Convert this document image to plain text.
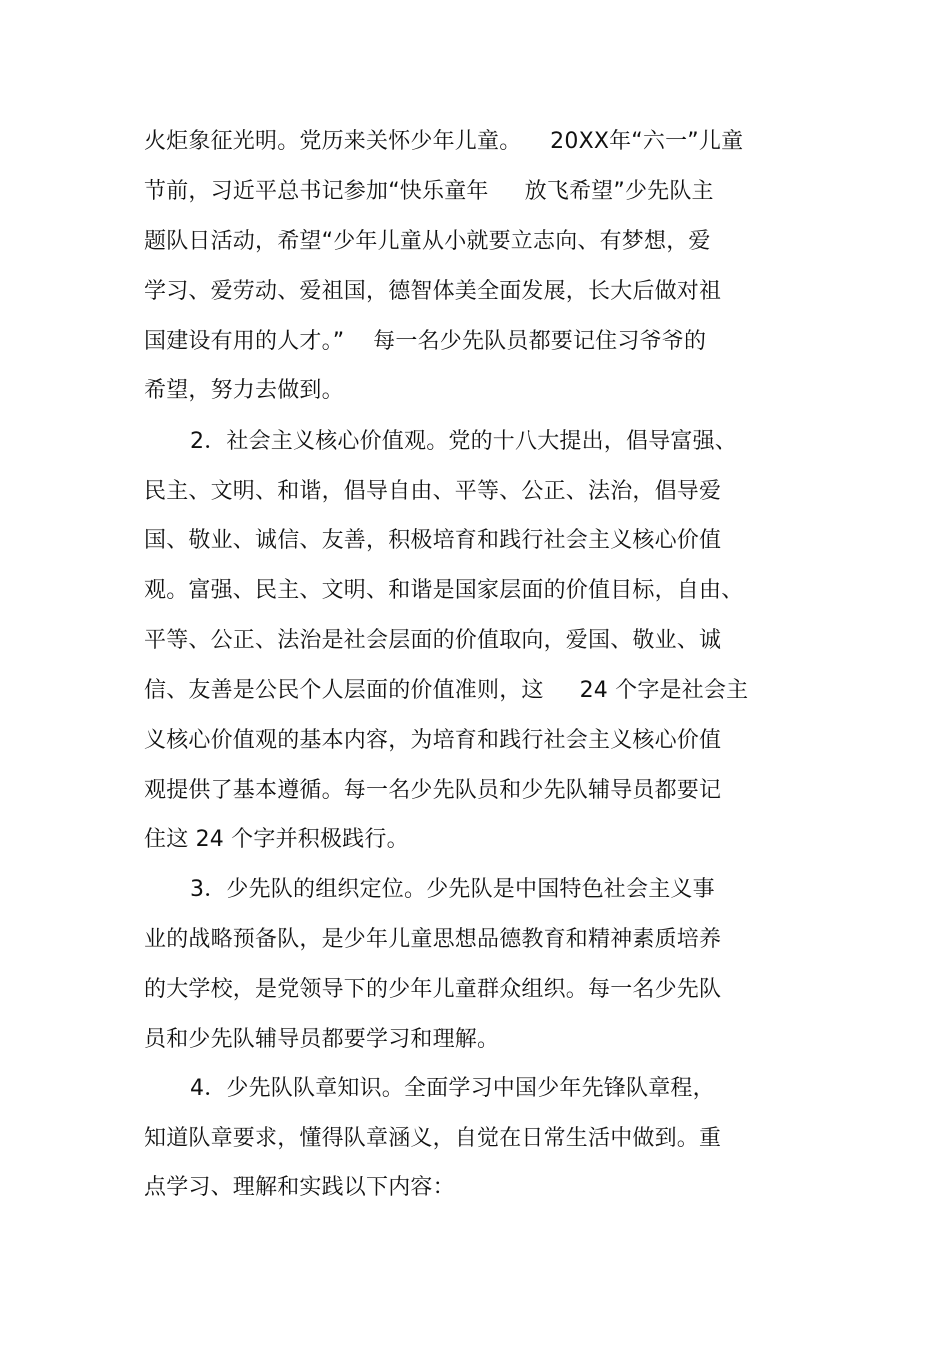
火炬象征光明。党历来关怀少年儿童。    20XX年“六一”儿童
节前，习近平总书记参加“快乐童年     放飞希望”少先队主
题队日活动，希望“少年儿童从小就要立志向、有梦想，爱
学习、爱劳动、爱祖国，德智体美全面发展，长大后做对祖
国建设有用的人才。”    每一名少先队员都要记住习爷爷的
希望，努力去做到。
2．社会主义核心价值观。党的十八大提出，倡导富强、
民主、文明、和谐，倡导自由、平等、公正、法治，倡导爱
国、敬业、诚信、友善，积极培育和践行社会主义核心价值
观。富强、民主、文明、和谐是国家层面的价值目标，自由、
平等、公正、法治是社会层面的价值取向，爱国、敬业、诚
信、友善是公民个人层面的价值准则，这     24 个字是社会主
义核心价值观的基本内容，为培育和践行社会主义核心价值
观提供了基本遵循。每一名少先队员和少先队辅导员都要记
住这 24 个字并积极践行。
3．少先队的组织定位。少先队是中国特色社会主义事
业的战略预备队，是少年儿童思想品德教育和精神素质培养
的大学校，是党领导下的少年儿童群众组织。每一名少先队
员和少先队辅导员都要学习和理解。
4．少先队队章知识。全面学习中国少年先锋队章程，
知道队章要求，懂得队章涵义，自觉在日常生活中做到。重
点学习、理解和实践以下内容：
